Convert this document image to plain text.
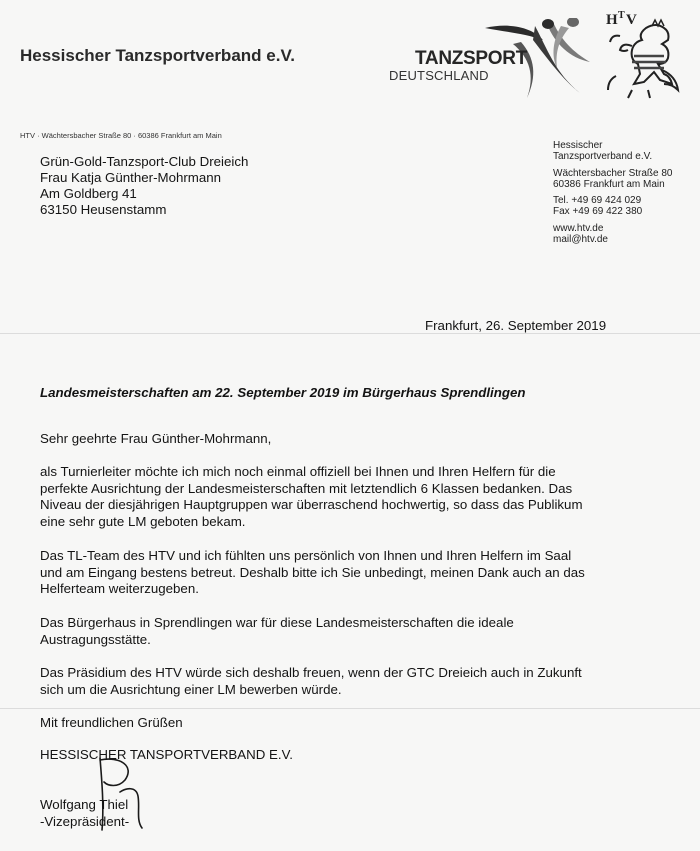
Hessischer Tanzsportverband e.V.	TANZSPORT
DEUTSCHLAND
H T V
HTV · Wächtersbacher Straße 80 · 60386 Frankfurt am Main
Grün-Gold-Tanzsport-Club Dreieich
Frau Katja Günther-Mohrmann
Am Goldberg 41
63150 Heusenstamm
Hessischer
Tanzsportverband e.V.
Wächtersbacher Straße 80
60386 Frankfurt am Main
Tel. +49 69 424 029
Fax +49 69 422 380
www.htv.de
mail@htv.de
Frankfurt, 26. September 2019
Landesmeisterschaften am 22. September 2019 im Bürgerhaus Sprendlingen

Sehr geehrte Frau Günther-Mohrmann,

als Turnierleiter möchte ich mich noch einmal offiziell bei Ihnen und Ihren Helfern für die
perfekte Ausrichtung der Landesmeisterschaften mit letztendlich 6 Klassen bedanken. Das
Niveau der diesjährigen Hauptgruppen war überraschend hochwertig, so dass das Publikum
eine sehr gute LM geboten bekam.

Das TL-Team des HTV und ich fühlten uns persönlich von Ihnen und Ihren Helfern im Saal
und am Eingang bestens betreut. Deshalb bitte ich Sie unbedingt, meinen Dank auch an das
Helferteam weiterzugeben.

Das Bürgerhaus in Sprendlingen war für diese Landesmeisterschaften die ideale
Austragungsstätte.

Das Präsidium des HTV würde sich deshalb freuen, wenn der GTC Dreieich auch in Zukunft
sich um die Ausrichtung einer LM bewerben würde.

Mit freundlichen Grüßen

HESSISCHER TANSPORTVERBAND E.V.

Wolfgang Thiel

-Vizepräsident-
